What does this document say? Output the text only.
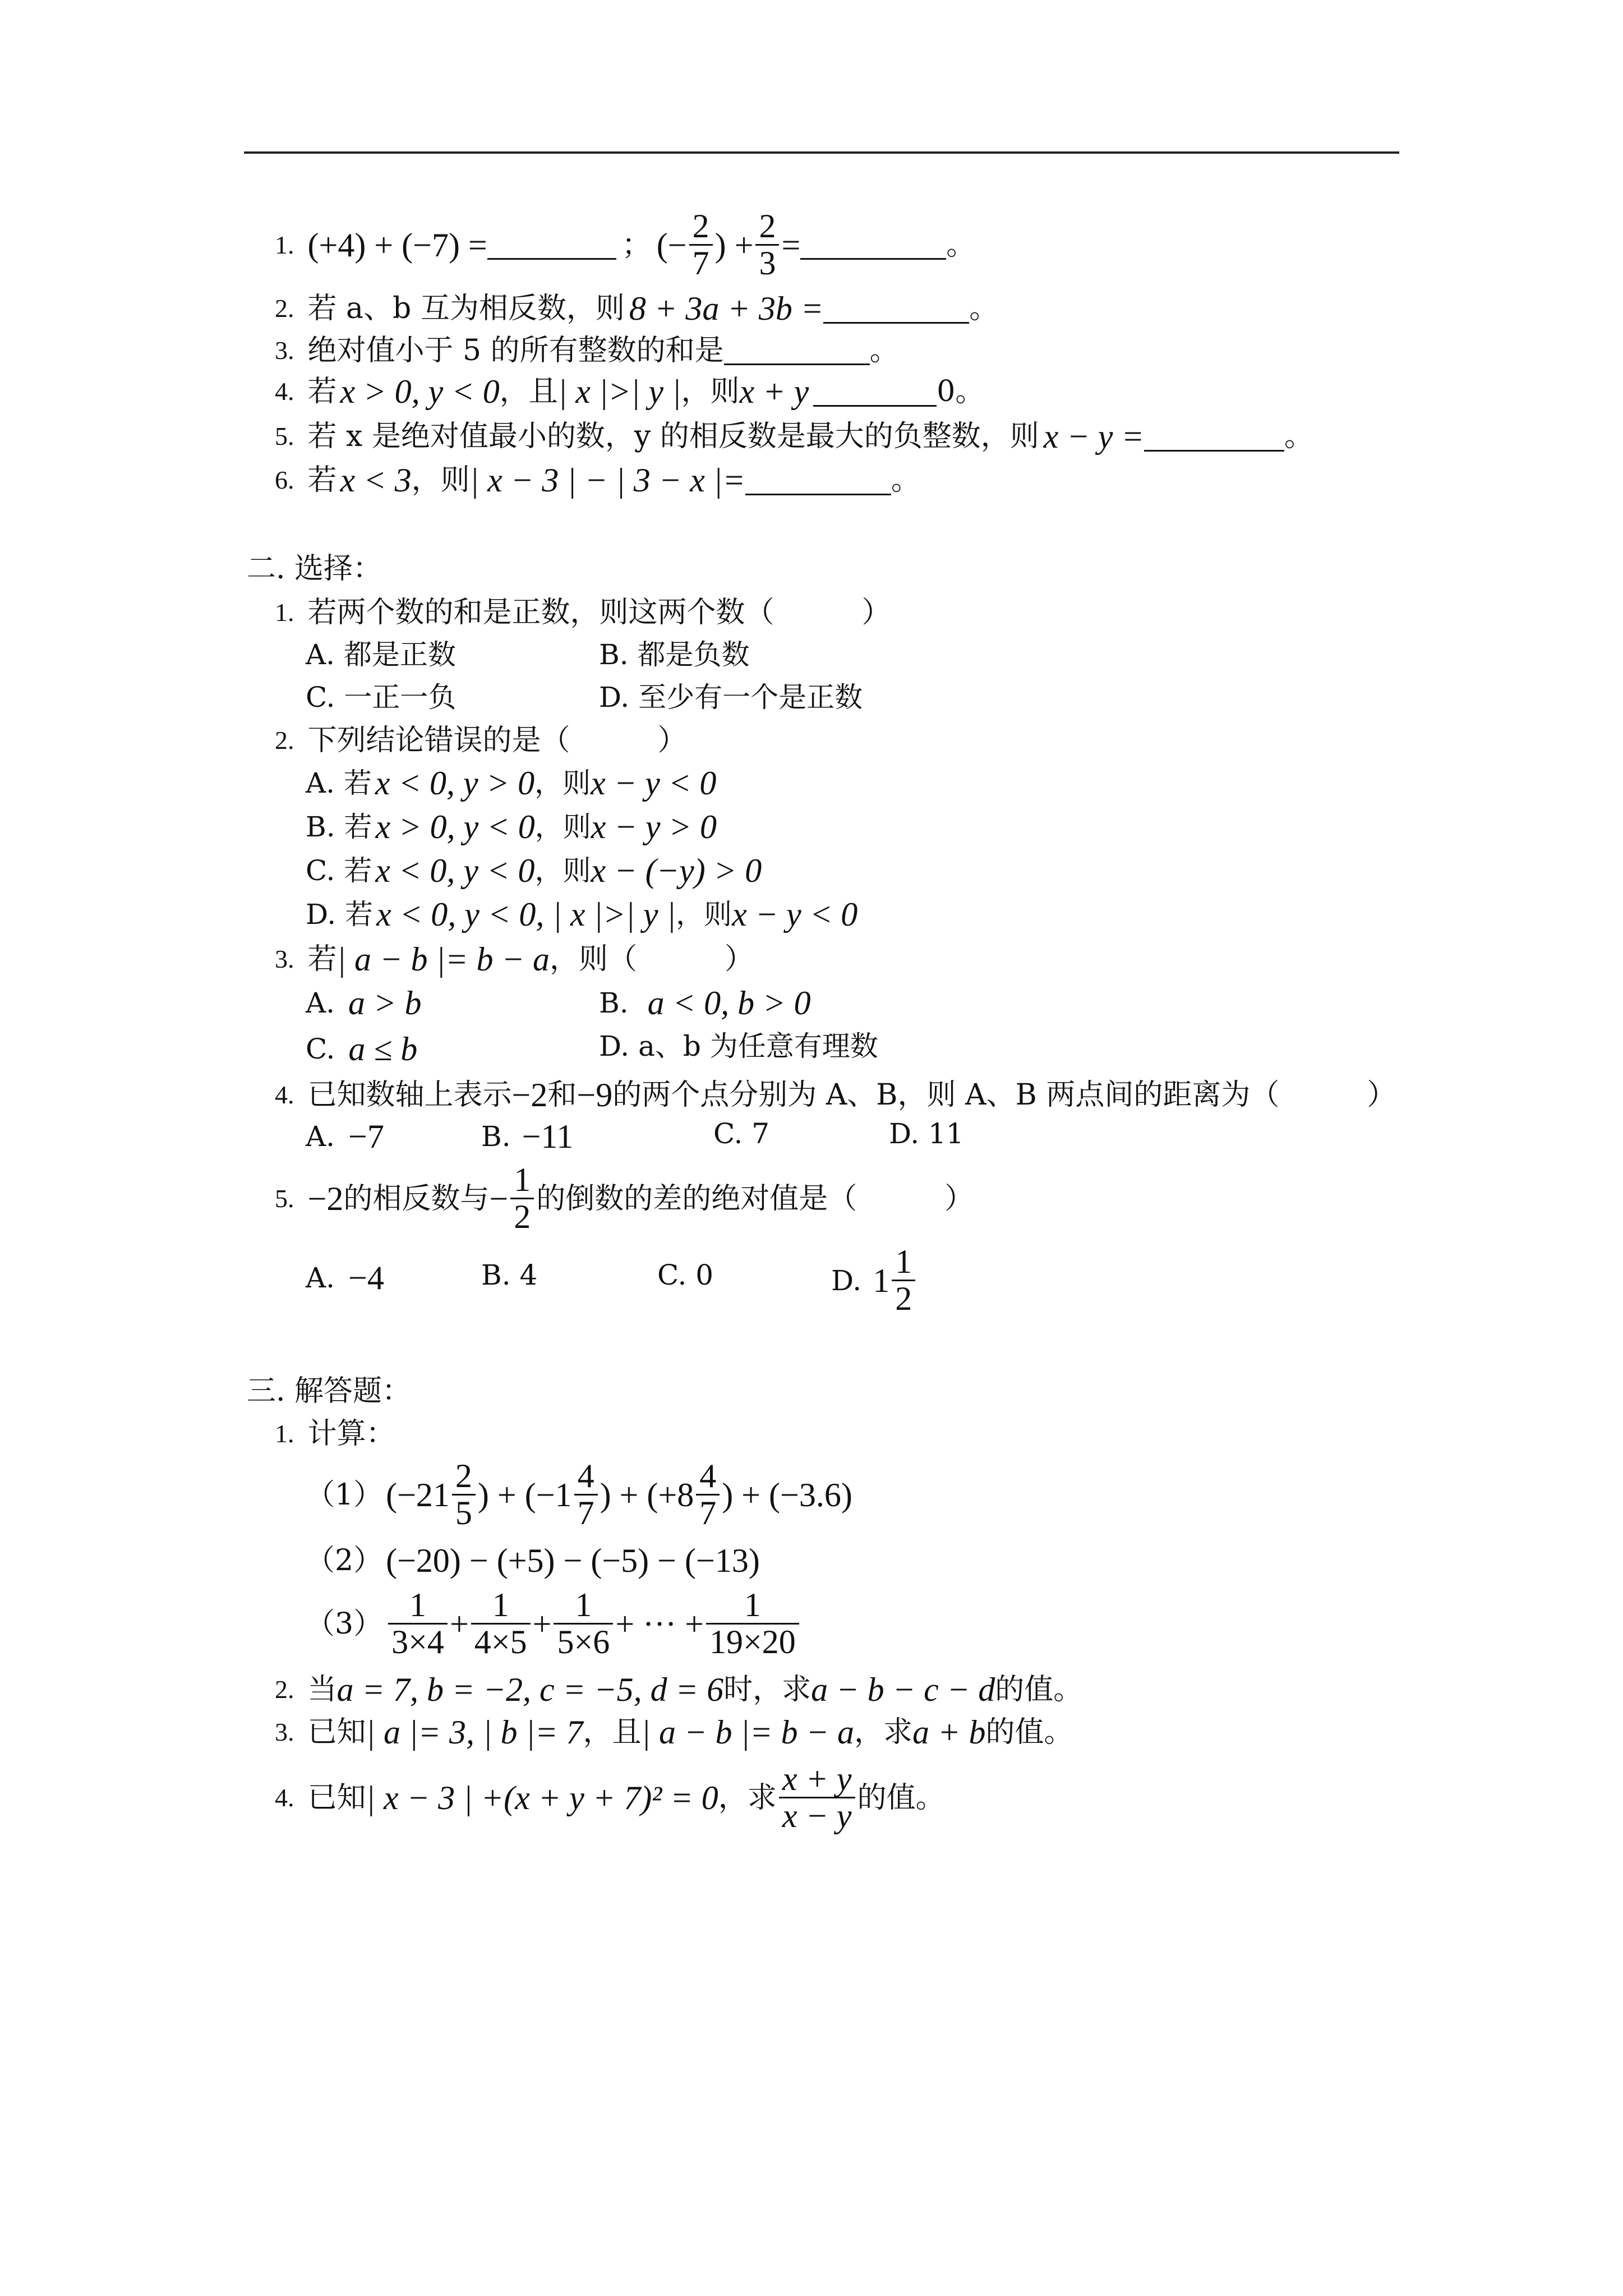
1. (+4) + (−7) =	； (− $\frac{2}{7}$ ) + $\frac{2}{3}$ =	。
2. 若 a、b 互为相反数，则 8 + 3a + 3b =	。
3. 绝对值小于 5 的所有整数的和是	。
4. 若 x > 0, y < 0 ，且 | x |>| y | ，则 x + y	0。
5. 若 x 是绝对值最小的数，y 的相反数是最大的负整数，则 x − y =	。
6. 若 x < 3 ，则 | x − 3 | − | 3 − x |=	。
二. 选择：
1. 若两个数的和是正数，则这两个数（　　　）
A. 都是正数	B. 都是负数
C. 一正一负	D. 至少有一个是正数
2. 下列结论错误的是（　　　）
A. 若 x < 0, y > 0 ，则 x − y < 0
B. 若 x > 0, y < 0 ，则 x − y > 0
C. 若 x < 0, y < 0 ，则 x − (−y) > 0
D. 若 x < 0, y < 0, | x |>| y | ，则 x − y < 0
3. 若 | a − b |= b − a ，则（　　　）
A. a > b	B. a < 0, b > 0
C. a ≤ b	D. a、b 为任意有理数
4. 已知数轴上表示 −2 和 −9 的两个点分别为 A、B，则 A、B 两点间的距离为（　　　）
A. −7	B. −11	C. 7	D. 11
5. −2 的相反数与 − $\frac{1}{2}$ 的倒数的差的绝对值是（　　　）
A. −4	B. 4	C. 0	D. $1 \frac{1}{2}$
三. 解答题：
1. 计算：
（1） ($-21 \frac{2}{5}$ ) + ($-1 \frac{4}{7}$ ) + ($+8 \frac{4}{7}$ ) + (−3.6)
（2） (−20) − (+5) − (−5) − (−13)
$(3) \frac{1}{3\times 4} + \frac{1}{4\times 5} + \frac{1}{5\times 6}$ + ··· + $\frac{1}{19\times 20}$
2. 当 a = 7, b = −2, c = −5, d = 6 时，求 a − b − c − d 的值。
3. 已知 | a |= 3, | b |= 7 ，且 | a − b |= b − a ，求 a + b 的值。
4. 已知 | x − 3 | +(x + y + 7)² = 0 ，求 $\frac{x + y}{x - y}$ 的值。
